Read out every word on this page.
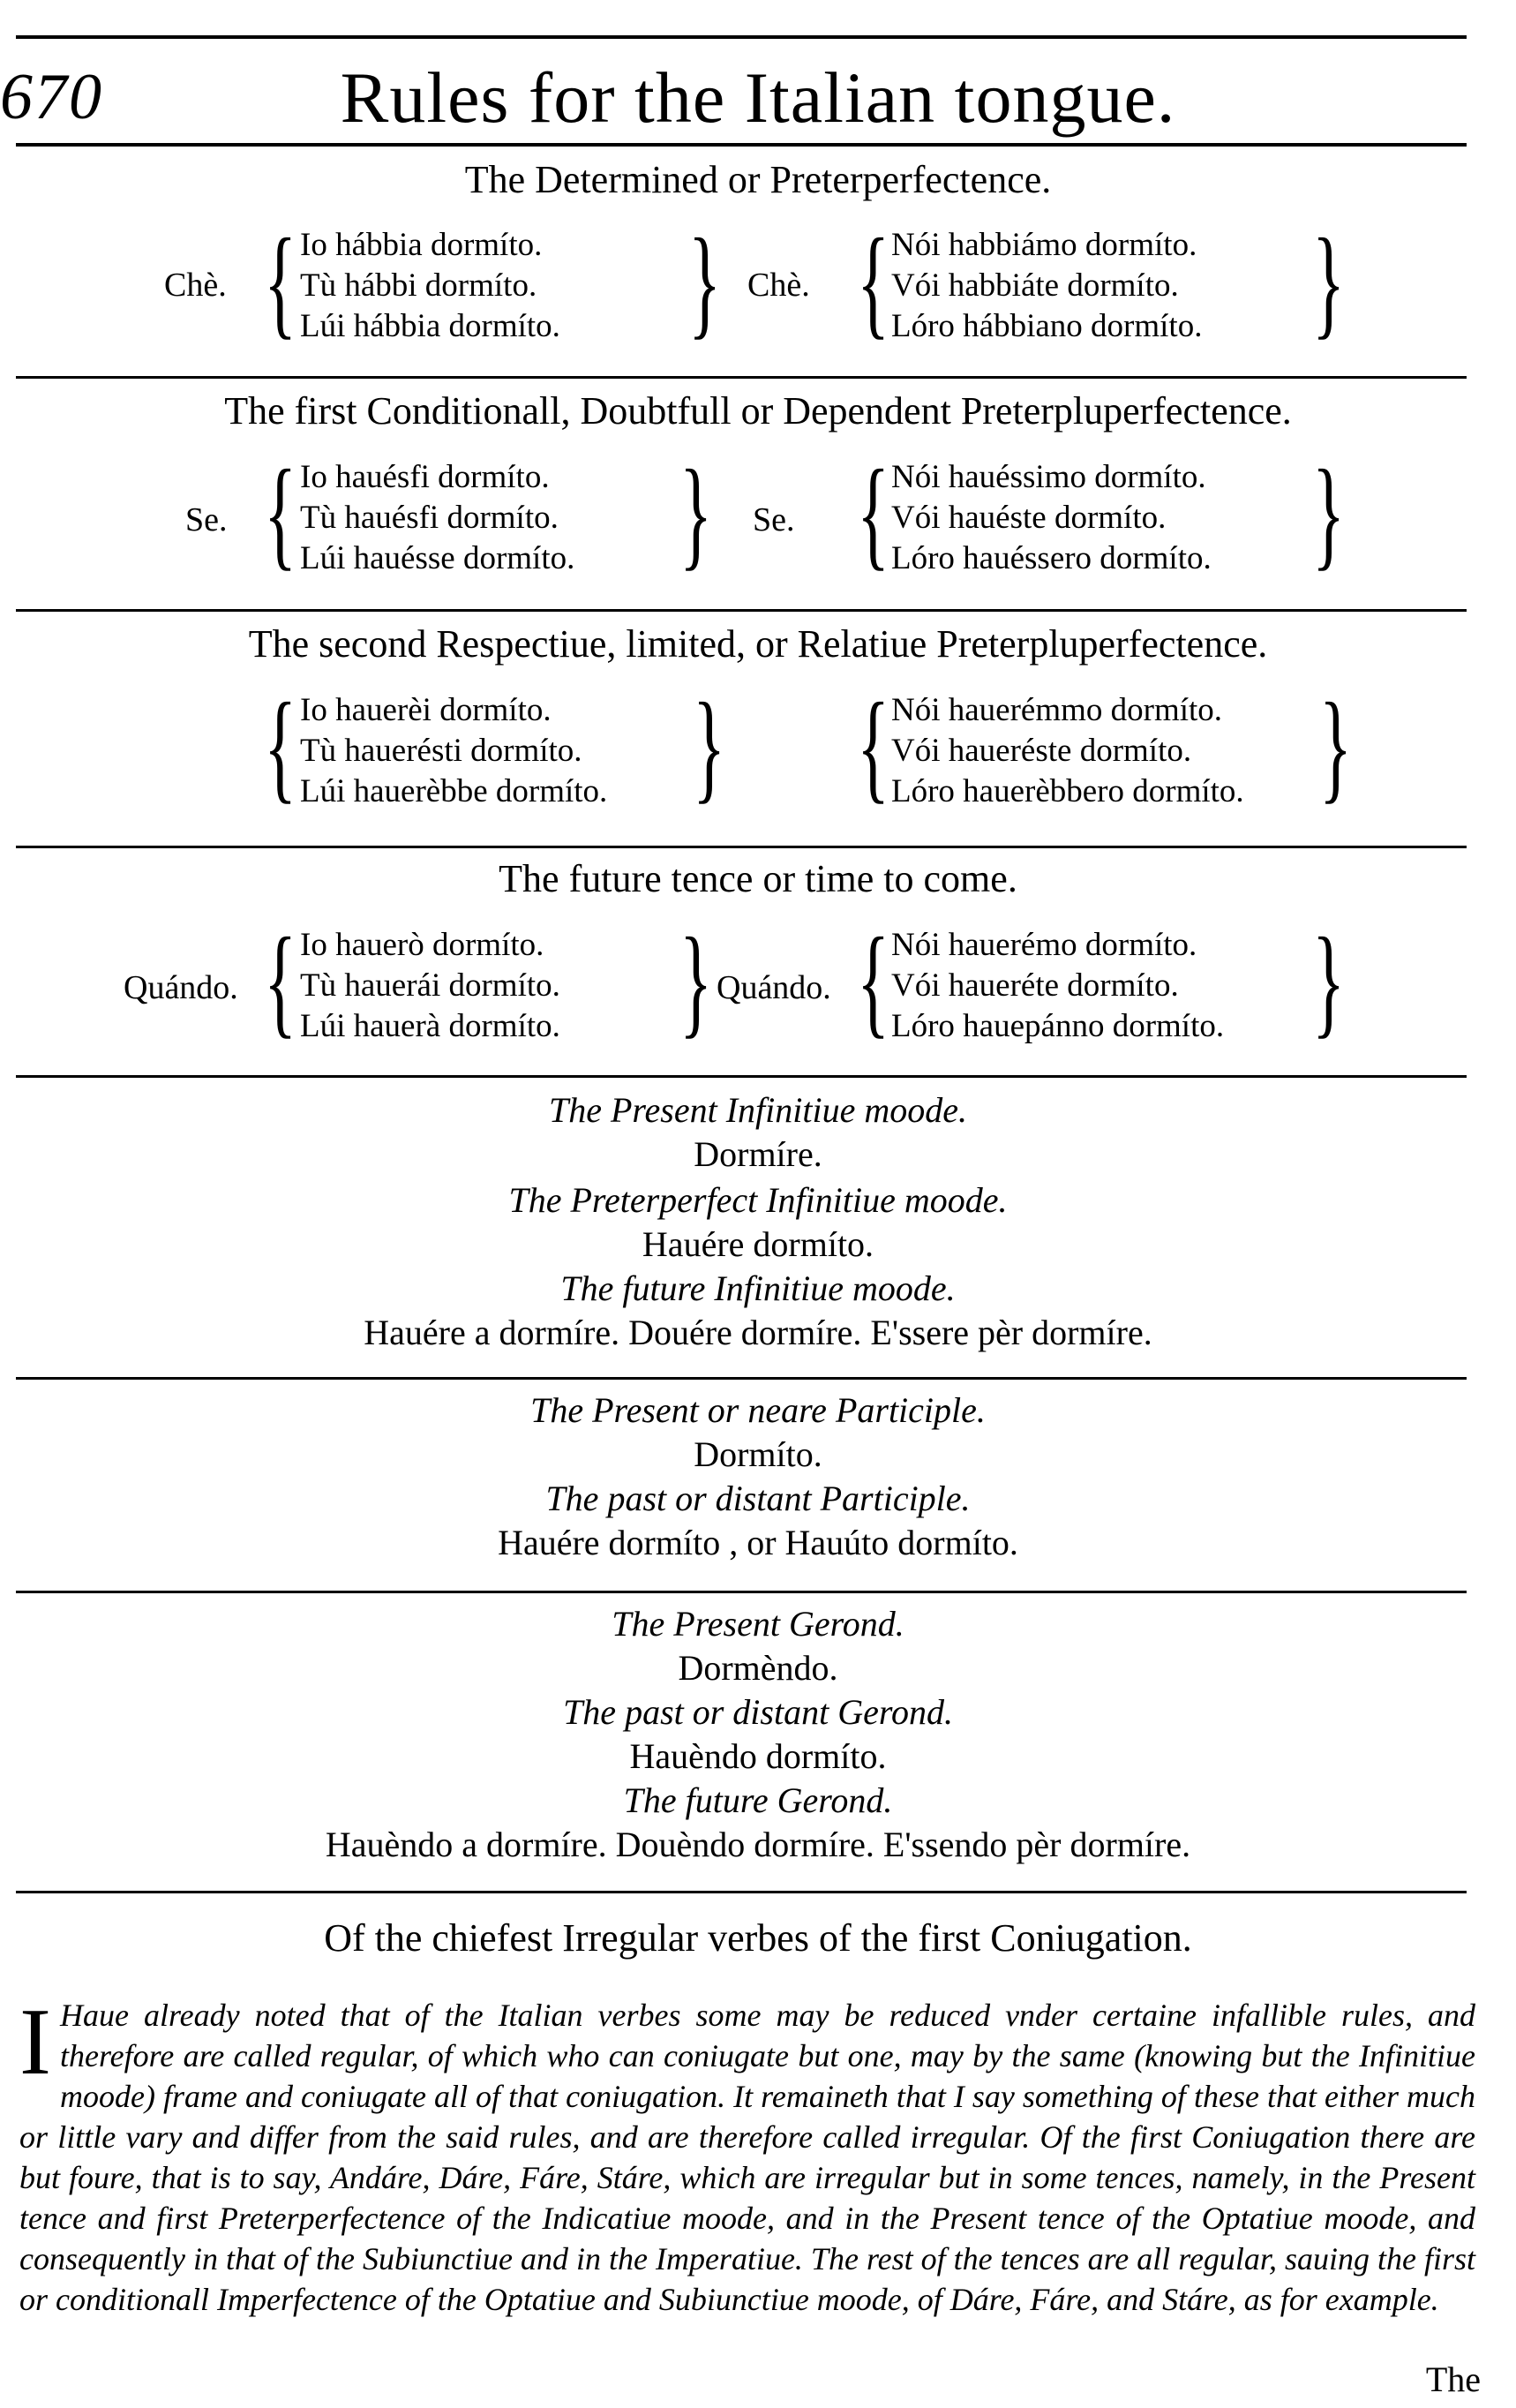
670	Rules for the Italian tongue.
The Determined or Preterperfectence.
Chè. { Io hábbia dormíto.
Tù hábbi dormíto.
Lúi hábbia dormíto. } Chè. { Nói habbiámo dormíto.
Vói habbiáte dormíto.
Lóro hábbiano dormíto. }
The first Conditionall, Doubtfull or Dependent Preterpluperfectence.
Se. { Io hauésfi dormíto.
Tù hauésfi dormíto.
Lúi hauésse dormíto. } Se. { Nói hauéssimo dormíto.
Vói hauéste dormíto.
Lóro hauéssero dormíto. }
The second Respectiue, limited, or Relatiue Preterpluperfectence.
{ Io hauerèi dormíto.
Tù hauerésti dormíto.
Lúi hauerèbbe dormíto. } { Nói hauerémmo dormíto.
Vói haueréste dormíto.
Lóro hauerèbbero dormíto. }
The future tence or time to come.
Quándo. { Io hauerò dormíto.
Tù hauerái dormíto.
Lúi hauerà dormíto. } Quándo. { Nói hauerémo dormíto.
Vói haueréte dormíto.
Lóro hauepánno dormíto. }
The Present Infinitiue moode.
Dormíre.
The Preterperfect Infinitiue moode.
Hauére dormíto.
The future Infinitiue moode.
Hauére a dormíre. Douére dormíre. E'ssere pèr dormíre.
The Present or neare Participle.
Dormíto.
The past or distant Participle.
Hauére dormíto , or Hauúto dormíto.
The Present Gerond.
Dormèndo.
The past or distant Gerond.
Hauèndo dormíto.
The future Gerond.
Hauèndo a dormíre. Douèndo dormíre. E'ssendo pèr dormíre.
Of the chiefest Irregular verbes of the first Coniugation.
I Haue already noted that of the Italian verbes some may be reduced vnder certaine infallible rules, and therefore are called regular, of which who can coniugate but one, may by the same (knowing but the Infinitiue moode) frame and coniugate all of that coniugation. It remaineth that I say something of these that either much or little vary and differ from the said rules, and are therefore called irregular. Of the first Coniugation there are but foure, that is to say, Andáre, Dáre, Fáre, Stáre, which are irregular but in some tences, namely, in the Present tence and first Preterperfectence of the Indicatiue moode, and in the Present tence of the Optatiue moode, and consequently in that of the Subiunctiue and in the Imperatiue. The rest of the tences are all regular, sauing the first or conditionall Imperfectence of the Optatiue and Subiunctiue moode, of Dáre, Fáre, and Stáre, as for example.
The
